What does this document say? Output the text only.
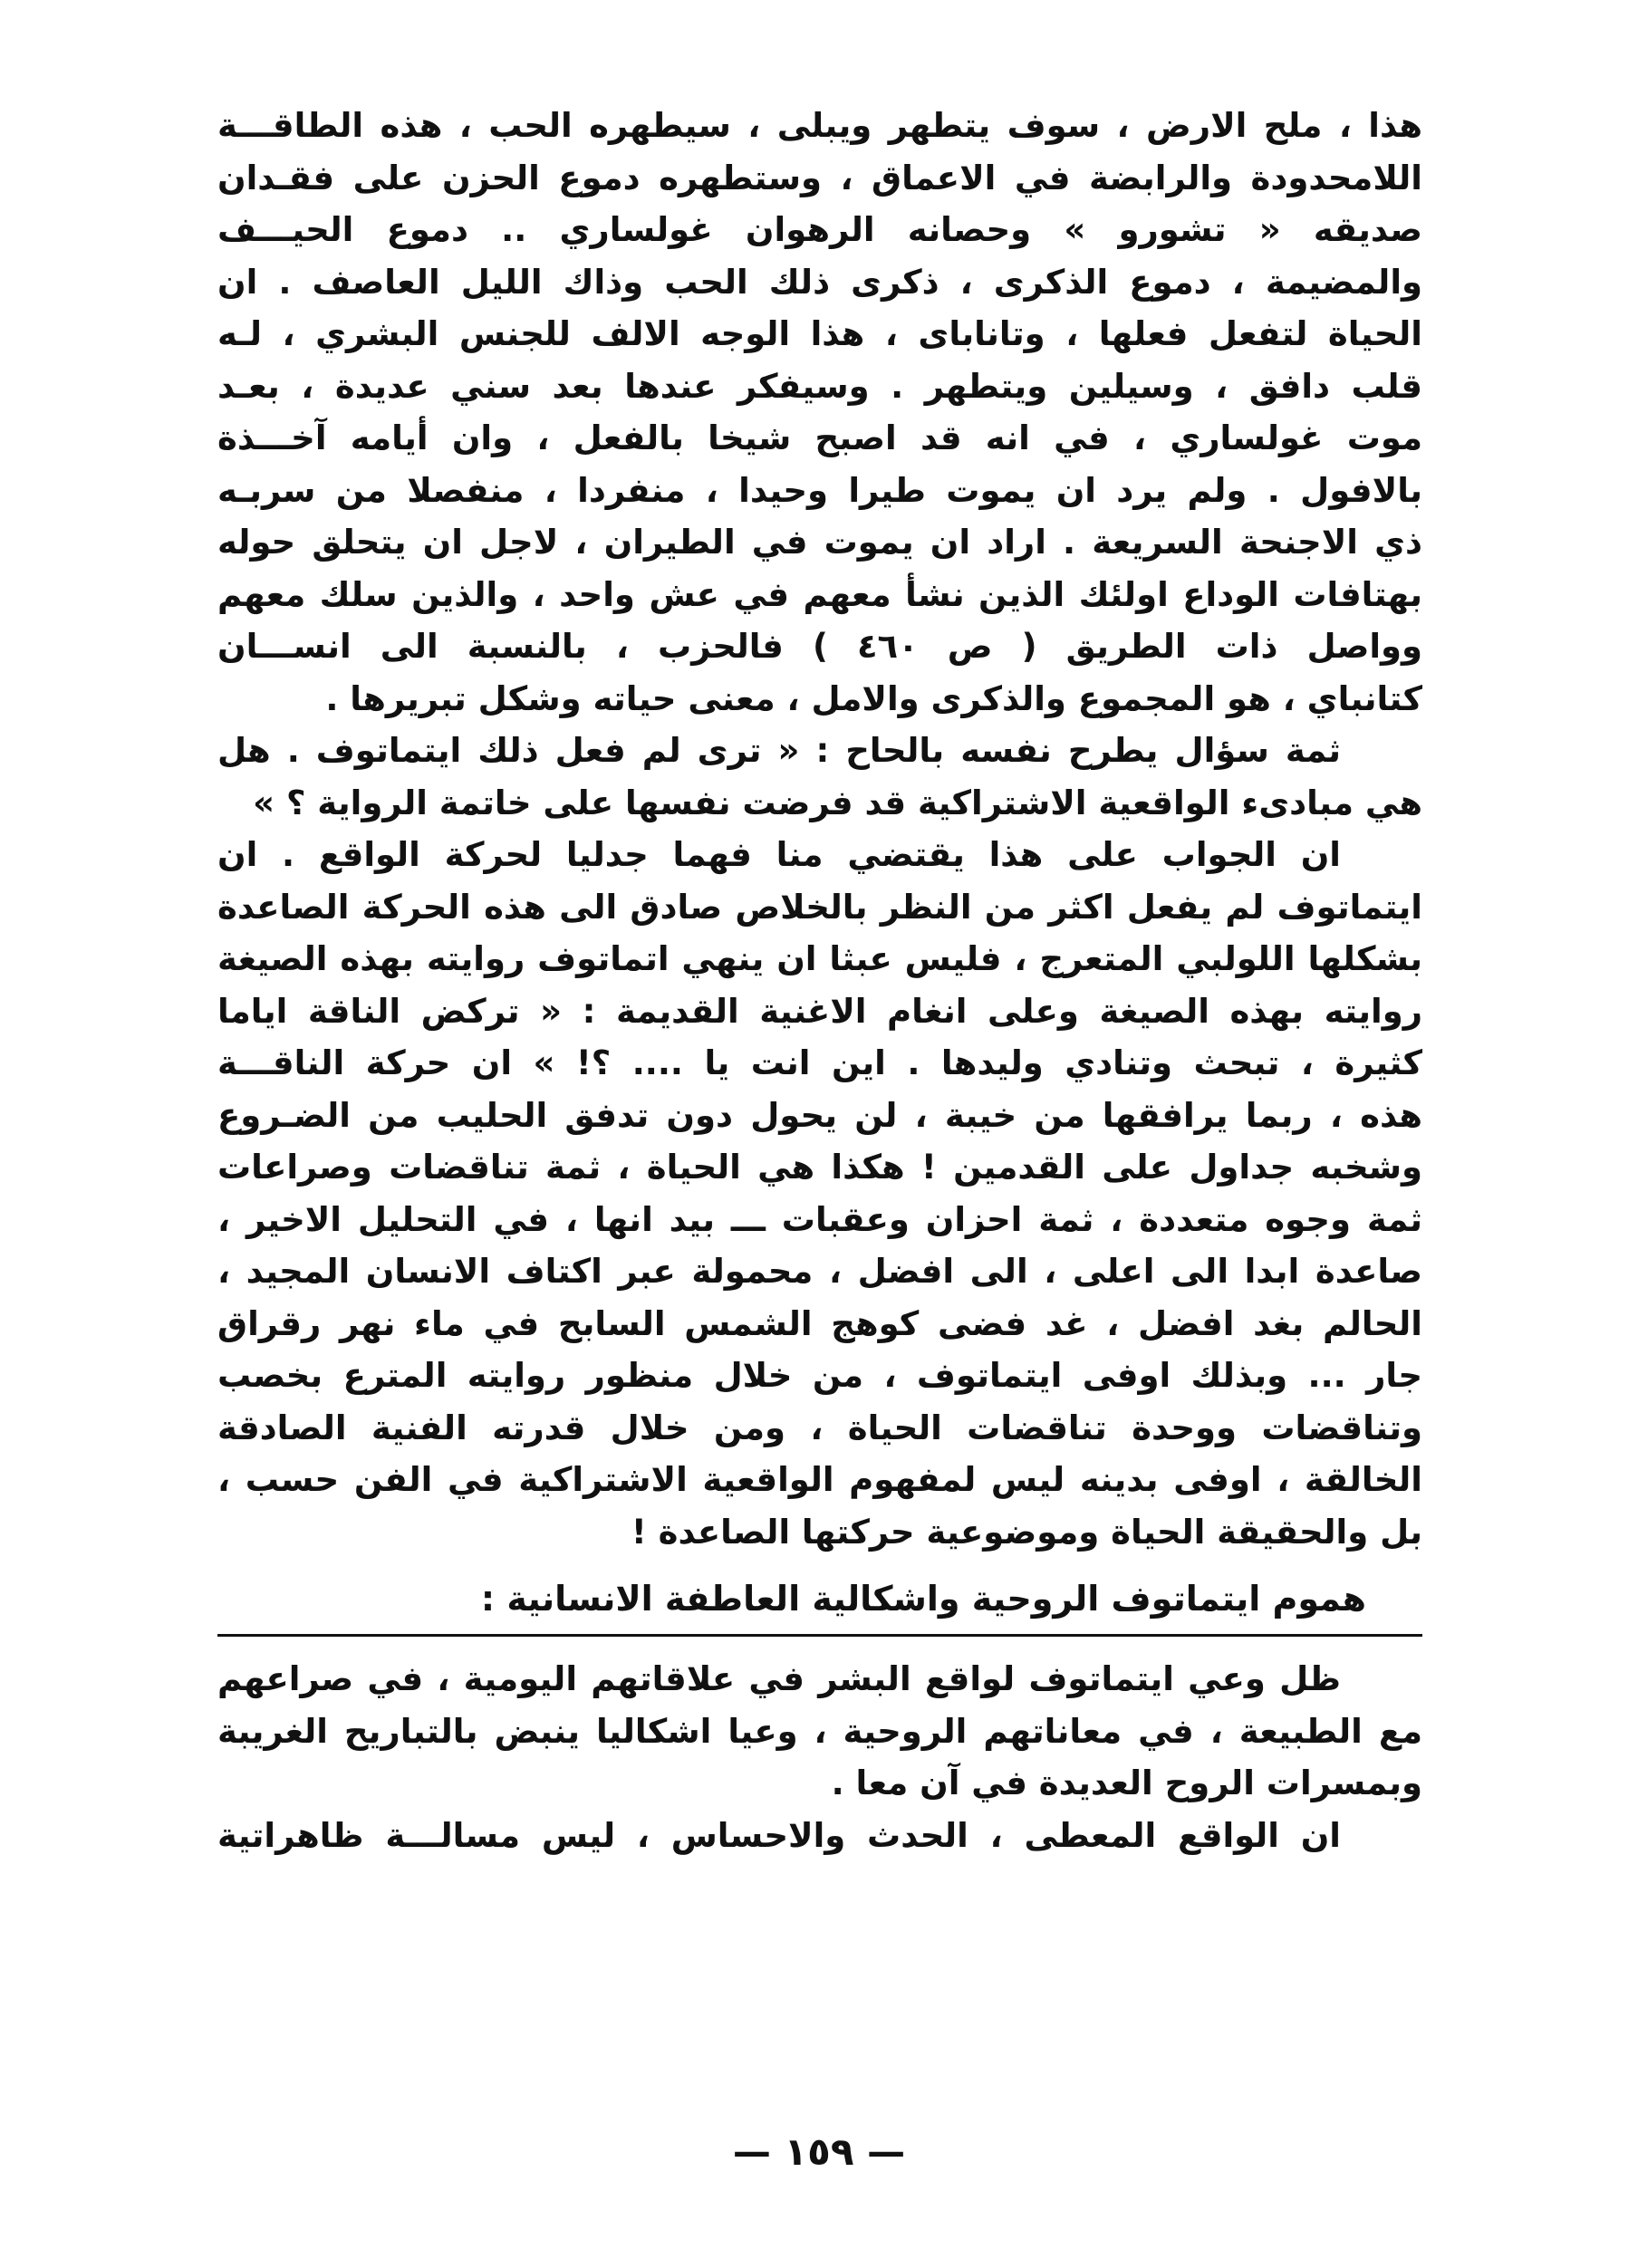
هذا ، ملح الارض ، سوف يتطهر ويبلى ، سيطهره الحب ، هذه الطاقـــة
اللامحدودة والرابضة في الاعماق ، وستطهره دموع الحزن على فقـدان
صديقه « تشورو » وحصانه الرهوان غولساري .. دموع الحيـــف
والمضيمة ، دموع الذكرى ، ذكرى ذلك الحب وذاك الليل العاصف . ان
الحياة لتفعل فعلها ، وتانابای ، هذا الوجه الالف للجنس البشري ، لـه
قلب دافق ، وسيلين ويتطهر . وسيفكر عندها بعد سني عديدة ، بعـد
موت غولساري ، في انه قد اصبح شيخا بالفعل ، وان أيامه آخـــذة
بالافول . ولم يرد ان يموت طيرا وحيدا ، منفردا ، منفصلا من سربـه
ذي الاجنحة السريعة . اراد ان يموت في الطيران ، لاجل ان يتحلق حوله
بهتافات الوداع اولئك الذين نشأ معهم في عش واحد ، والذين سلك معهم
وواصل ذات الطريق ( ص ٤٦٠ ) فالحزب ، بالنسبة الى انســـان
كتانباي ، هو المجموع والذكرى والامل ، معنى حياته وشكل تبريرها .
ثمة سؤال يطرح نفسه بالحاح : « ترى لم فعل ذلك ايتماتوف . هل
هي مبادىء الواقعية الاشتراكية قد فرضت نفسها على خاتمة الرواية ؟ »
ان الجواب على هذا يقتضي منا فهما جدليا لحركة الواقع . ان
ايتماتوف لم يفعل اكثر من النظر بالخلاص صادق الى هذه الحركة الصاعدة
بشكلها اللولبي المتعرج ، فليس عبثا ان ينهي اتماتوف روايته بهذه الصيغة
روايته بهذه الصيغة وعلى انغام الاغنية القديمة : « تركض الناقة اياما
كثيرة ، تبحث وتنادي وليدها . اين انت يا .... ؟! » ان حركة الناقـــة
هذه ، ربما يرافقها من خيبة ، لن يحول دون تدفق الحليب من الضـروع
وشخبه جداول على القدمين ! هكذا هي الحياة ، ثمة تناقضات وصراعات
ثمة وجوه متعددة ، ثمة احزان وعقبات ـــ بيد انها ، في التحليل الاخير ،
صاعدة ابدا الى اعلى ، الى افضل ، محمولة عبر اكتاف الانسان المجيد ،
الحالم بغد افضل ، غد فضى كوهج الشمس السابح في ماء نهر رقراق
جار ... وبذلك اوفى ايتماتوف ، من خلال منظور روايته المترع بخصب
وتناقضات ووحدة تناقضات الحياة ، ومن خلال قدرته الفنية الصادقة
الخالقة ، اوفى بدينه ليس لمفهوم الواقعية الاشتراكية في الفن حسب ،
بل والحقيقة الحياة وموضوعية حركتها الصاعدة !
هموم ايتماتوف الروحية واشكالية العاطفة الانسانية :
ظل وعي ايتماتوف لواقع البشر في علاقاتهم اليومية ، في صراعهم
مع الطبيعة ، في معاناتهم الروحية ، وعيا اشكاليا ينبض بالتباريح الغريبة
وبمسرات الروح العديدة في آن معا .
ان الواقع المعطى ، الحدث والاحساس ، ليس مسالـــة ظاهراتية
— ١٥٩ —
